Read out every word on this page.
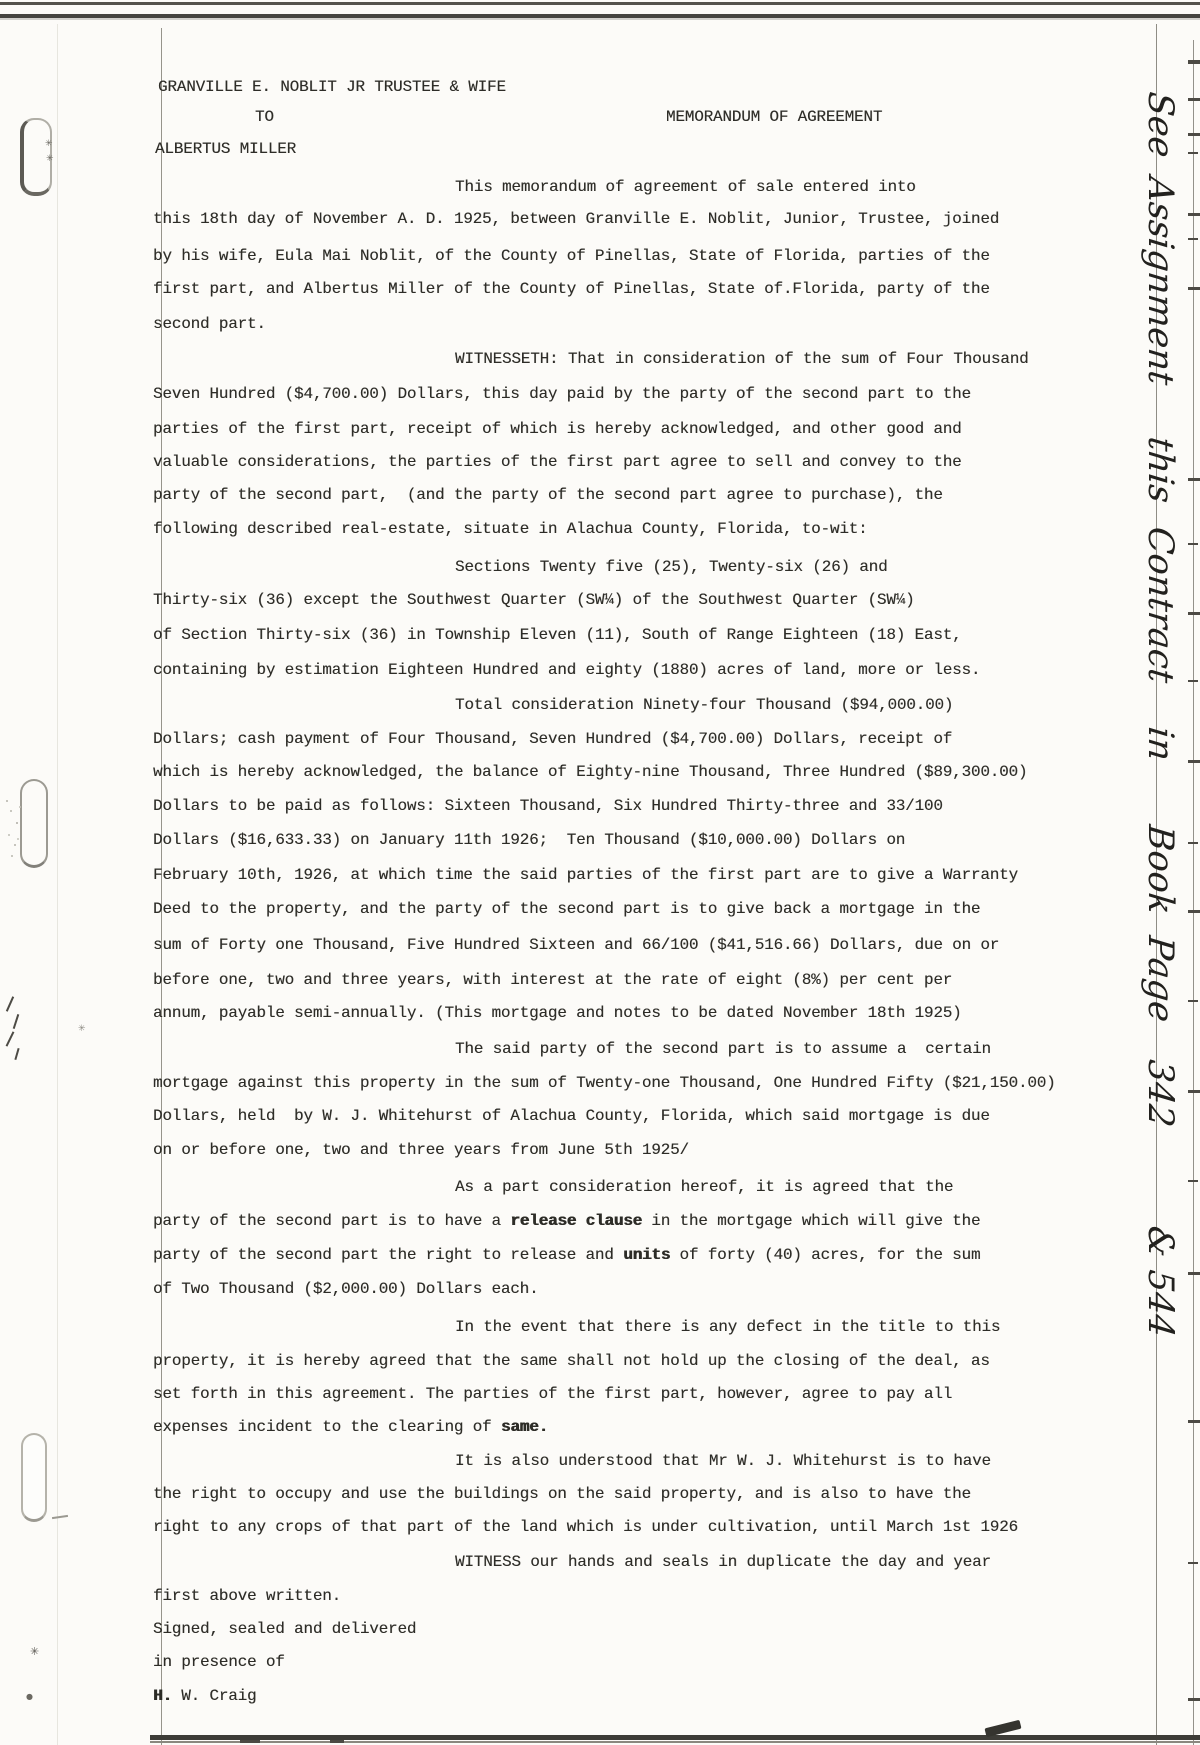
✳
✳
✳
✳
●
GRANVILLE E. NOBLIT JR TRUSTEE & WIFE
TO	MEMORANDUM OF AGREEMENT
ALBERTUS MILLER
This memorandum of agreement of sale entered into
this 18th day of November A. D. 1925, between Granville E. Noblit, Junior, Trustee, joined
by his wife, Eula Mai Noblit, of the County of Pinellas, State of Florida, parties of the
first part, and Albertus Miller of the County of Pinellas, State of.Florida, party of the
second part.
WITNESSETH: That in consideration of the sum of Four Thousand
Seven Hundred ($4,700.00) Dollars, this day paid by the party of the second part to the
parties of the first part, receipt of which is hereby acknowledged, and other good and
valuable considerations, the parties of the first part agree to sell and convey to the
party of the second part,  (and the party of the second part agree to purchase), the
following described real-estate, situate in Alachua County, Florida, to-wit:
Sections Twenty five (25), Twenty-six (26) and
Thirty-six (36) except the Southwest Quarter (SW¼) of the Southwest Quarter (SW¼)
of Section Thirty-six (36) in Township Eleven (11), South of Range Eighteen (18) East,
containing by estimation Eighteen Hundred and eighty (1880) acres of land, more or less.
Total consideration Ninety-four Thousand ($94,000.00)
Dollars; cash payment of Four Thousand, Seven Hundred ($4,700.00) Dollars, receipt of
which is hereby acknowledged, the balance of Eighty-nine Thousand, Three Hundred ($89,300.00)
Dollars to be paid as follows: Sixteen Thousand, Six Hundred Thirty-three and 33/100
Dollars ($16,633.33) on January 11th 1926;  Ten Thousand ($10,000.00) Dollars on
February 10th, 1926, at which time the said parties of the first part are to give a Warranty
Deed to the property, and the party of the second part is to give back a mortgage in the
sum of Forty one Thousand, Five Hundred Sixteen and 66/100 ($41,516.66) Dollars, due on or
before one, two and three years, with interest at the rate of eight (8%) per cent per
annum, payable semi-annually. (This mortgage and notes to be dated November 18th 1925)
The said party of the second part is to assume a  certain
mortgage against this property in the sum of Twenty-one Thousand, One Hundred Fifty ($21,150.00)
Dollars, held  by W. J. Whitehurst of Alachua County, Florida, which said mortgage is due
on or before one, two and three years from June 5th 1925/
As a part consideration hereof, it is agreed that the
party of the second part is to have a release clause in the mortgage which will give the
party of the second part the right to release and units of forty (40) acres, for the sum
of Two Thousand ($2,000.00) Dollars each.
In the event that there is any defect in the title to this
property, it is hereby agreed that the same shall not hold up the closing of the deal, as
set forth in this agreement. The parties of the first part, however, agree to pay all
expenses incident to the clearing of same.
It is also understood that Mr W. J. Whitehurst is to have
the right to occupy and use the buildings on the said property, and is also to have the
right to any crops of that part of the land which is under cultivation, until March 1st 1926
WITNESS our hands and seals in duplicate the day and year
first above written.
Signed, sealed and delivered
in presence of
H. W. Craig
See
Assignment
this
Contract
in
Book
Page
342
&
544
